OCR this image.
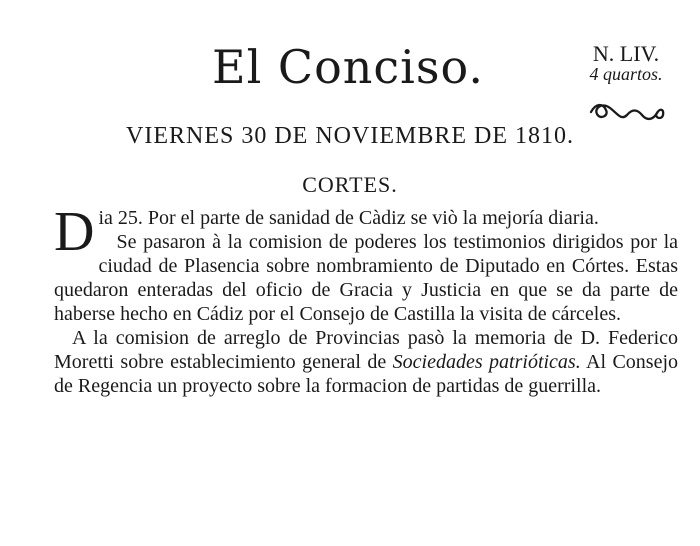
El Conciso.	N. LIV.
4 quartos.
VIERNES 30 DE NOVIEMBRE DE 1810.
CORTES.

D ia 25. Por el parte de sanidad de Càdiz se viò la mejoría diaria.

Se pasaron à la comision de poderes los testimonios dirigidos por la ciudad de Plasencia sobre nombramiento de Diputado en Córtes. Estas quedaron enteradas del oficio de Gracia y Justicia en que se da parte de haberse hecho en Cádiz por el Consejo de Castilla la visita de cárceles.

A la comision de arreglo de Provincias pasò la memoria de D. Federico Moretti sobre establecimiento general de Sociedades patrióticas. Al Consejo de Regencia un proyecto sobre la formacion de partidas de guerrilla.
